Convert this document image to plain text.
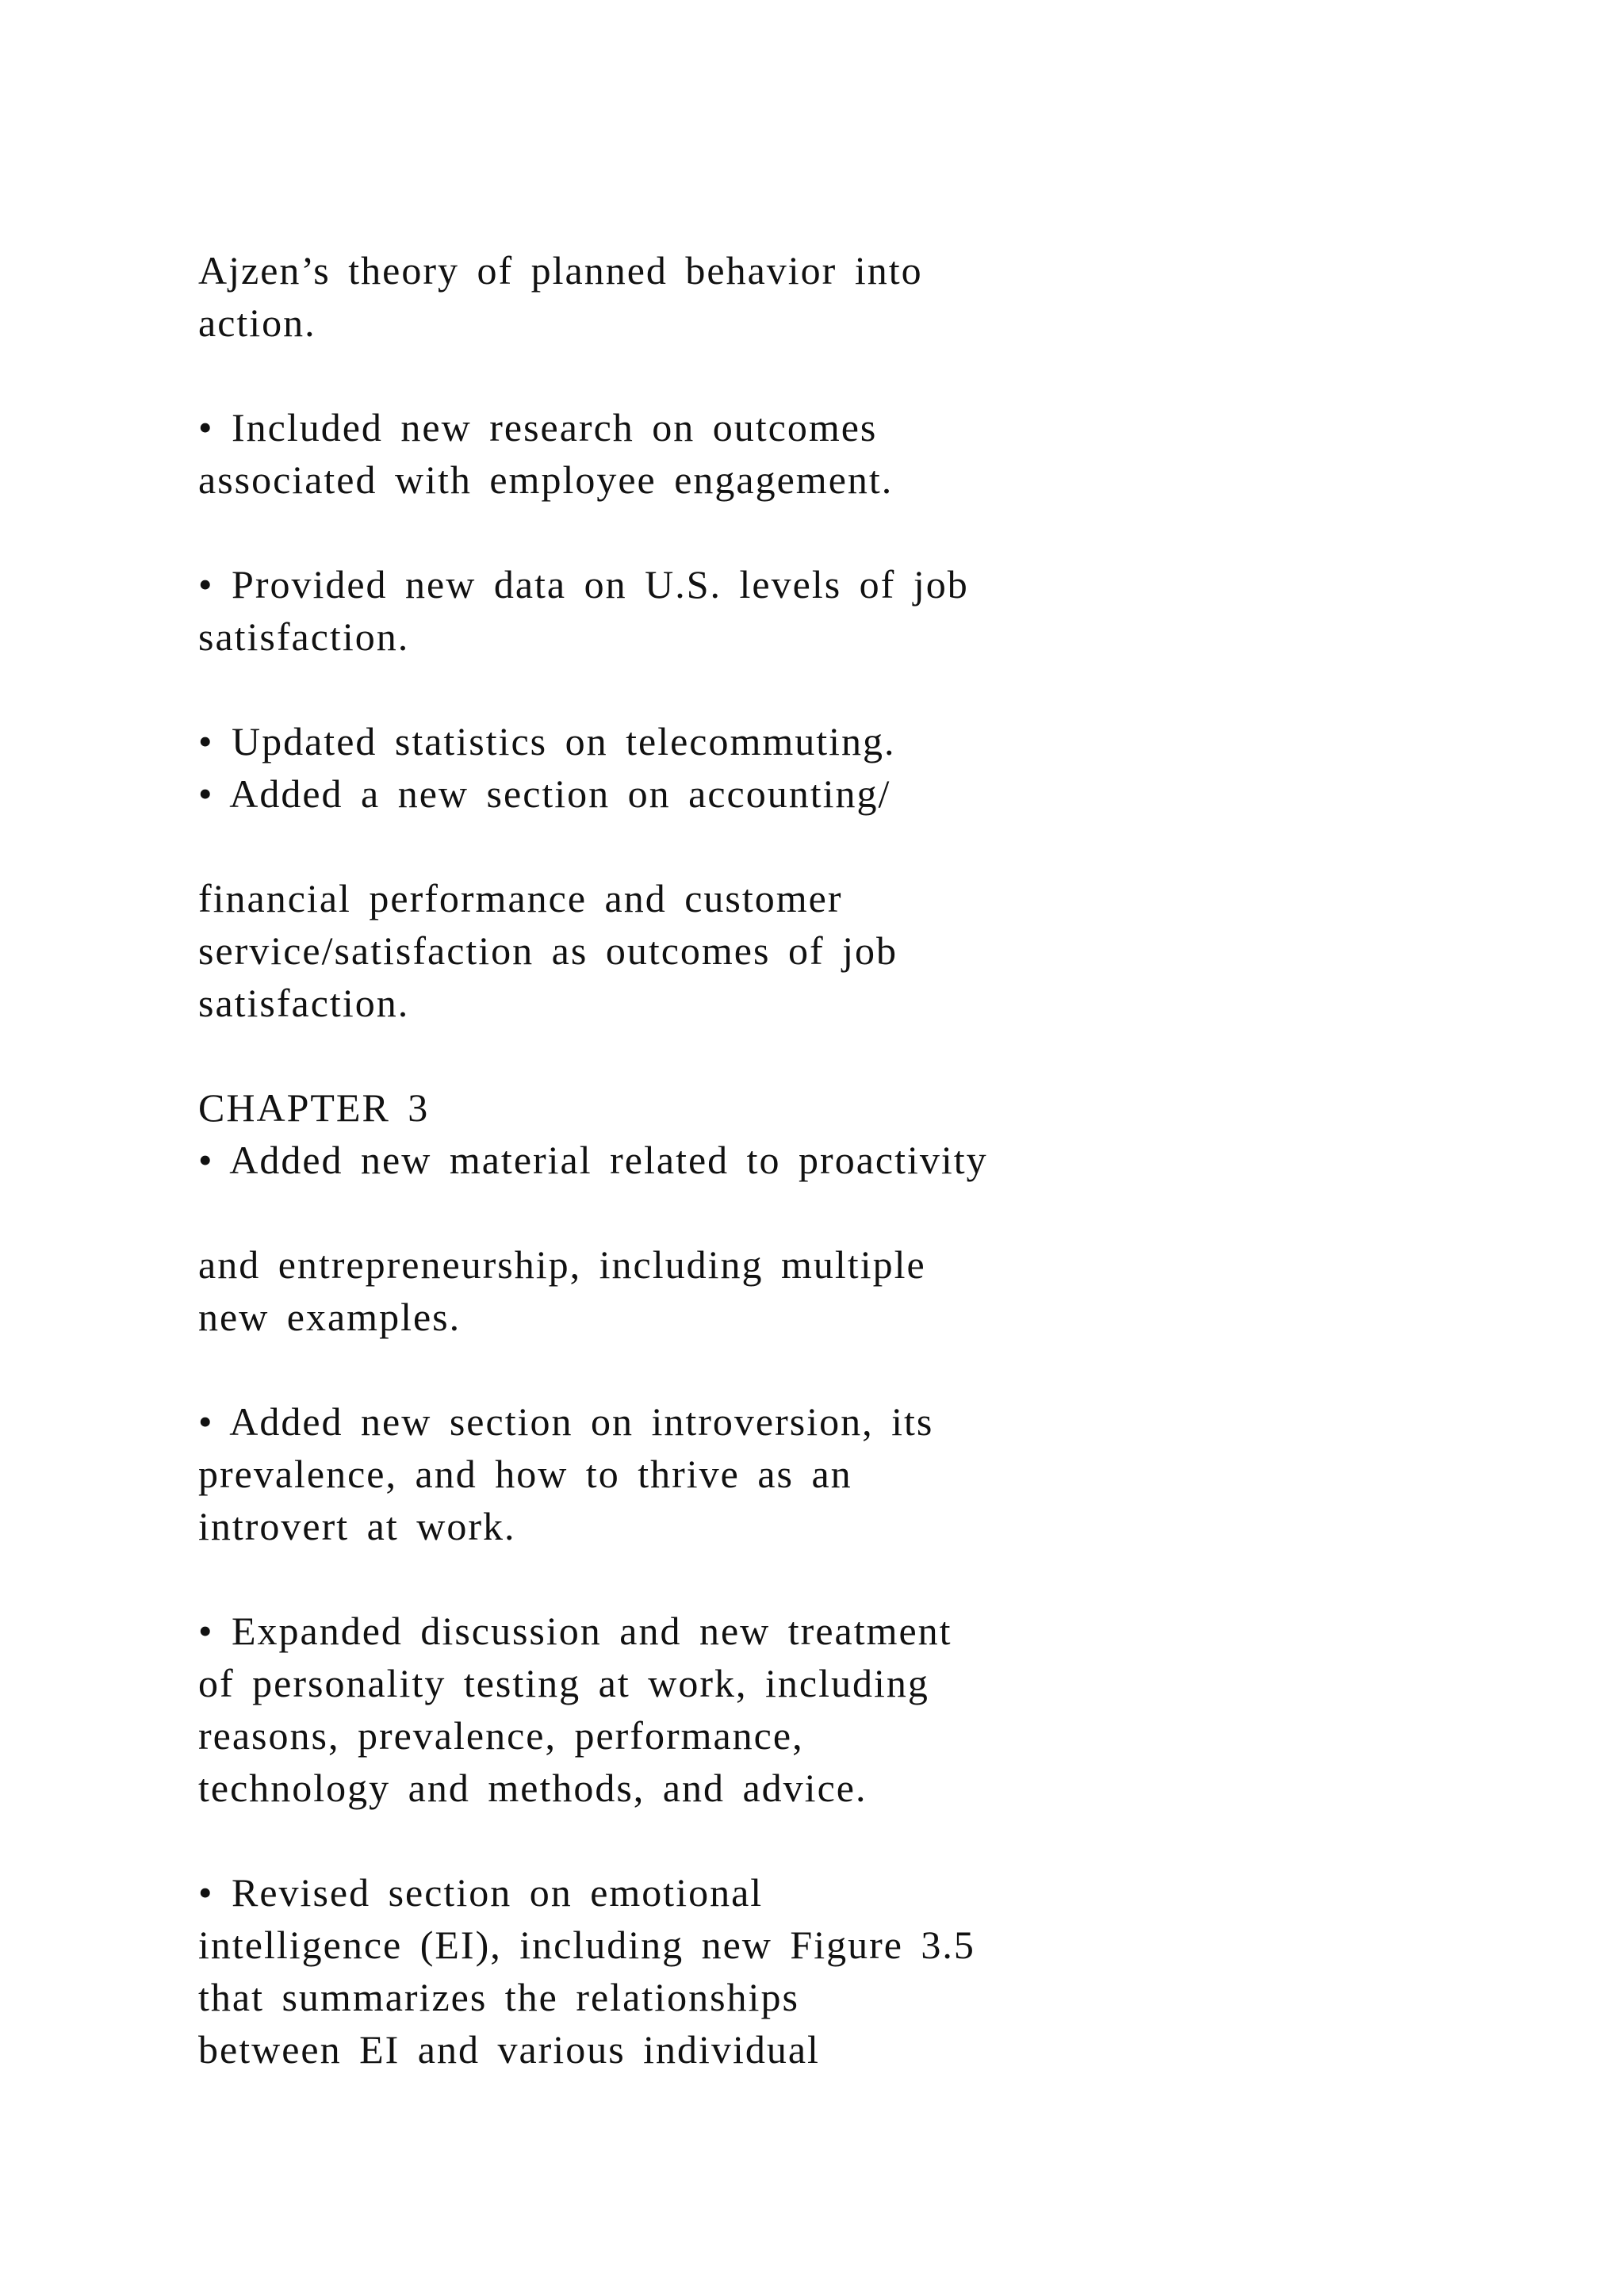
Ajzen’s theory of planned behavior into

action.

• Included new research on outcomes

associated with employee engagement.

• Provided new data on U.S. levels of job

satisfaction.

• Updated statistics on telecommuting.

• Added a new section on accounting/

financial performance and customer

service/satisfaction as outcomes of job

satisfaction.

CHAPTER 3

• Added new material related to proactivity

and entrepreneurship, including multiple

new examples.

• Added new section on introversion, its

prevalence, and how to thrive as an

introvert at work.

• Expanded discussion and new treatment

of personality testing at work, including

reasons, prevalence, performance,

technology and methods, and advice.

• Revised section on emotional

intelligence (EI), including new Figure 3.5

that summarizes the relationships

between EI and various individual
